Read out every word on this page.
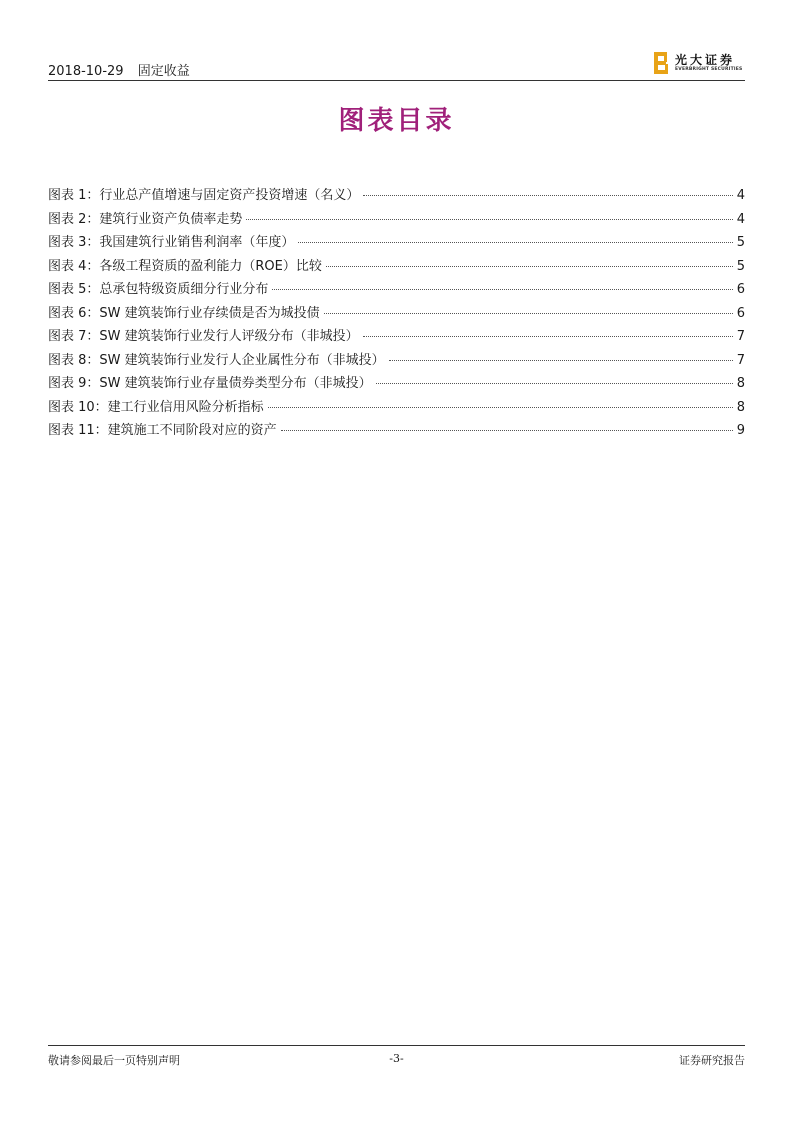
2018-10-29 固定收益
光大证券
EVERBRIGHT SECURITIES
图表目录
图表 1：行业总产值增速与固定资产投资增速（名义）	4
图表 2：建筑行业资产负债率走势	4
图表 3：我国建筑行业销售利润率（年度）	5
图表 4：各级工程资质的盈利能力（ROE）比较	5
图表 5：总承包特级资质细分行业分布	6
图表 6：SW 建筑装饰行业存续债是否为城投债	6
图表 7：SW 建筑装饰行业发行人评级分布（非城投）	7
图表 8：SW 建筑装饰行业发行人企业属性分布（非城投）	7
图表 9：SW 建筑装饰行业存量债券类型分布（非城投）	8
图表 10：建工行业信用风险分析指标	8
图表 11：建筑施工不同阶段对应的资产	9
敬请参阅最后一页特别声明	-3-	证券研究报告
